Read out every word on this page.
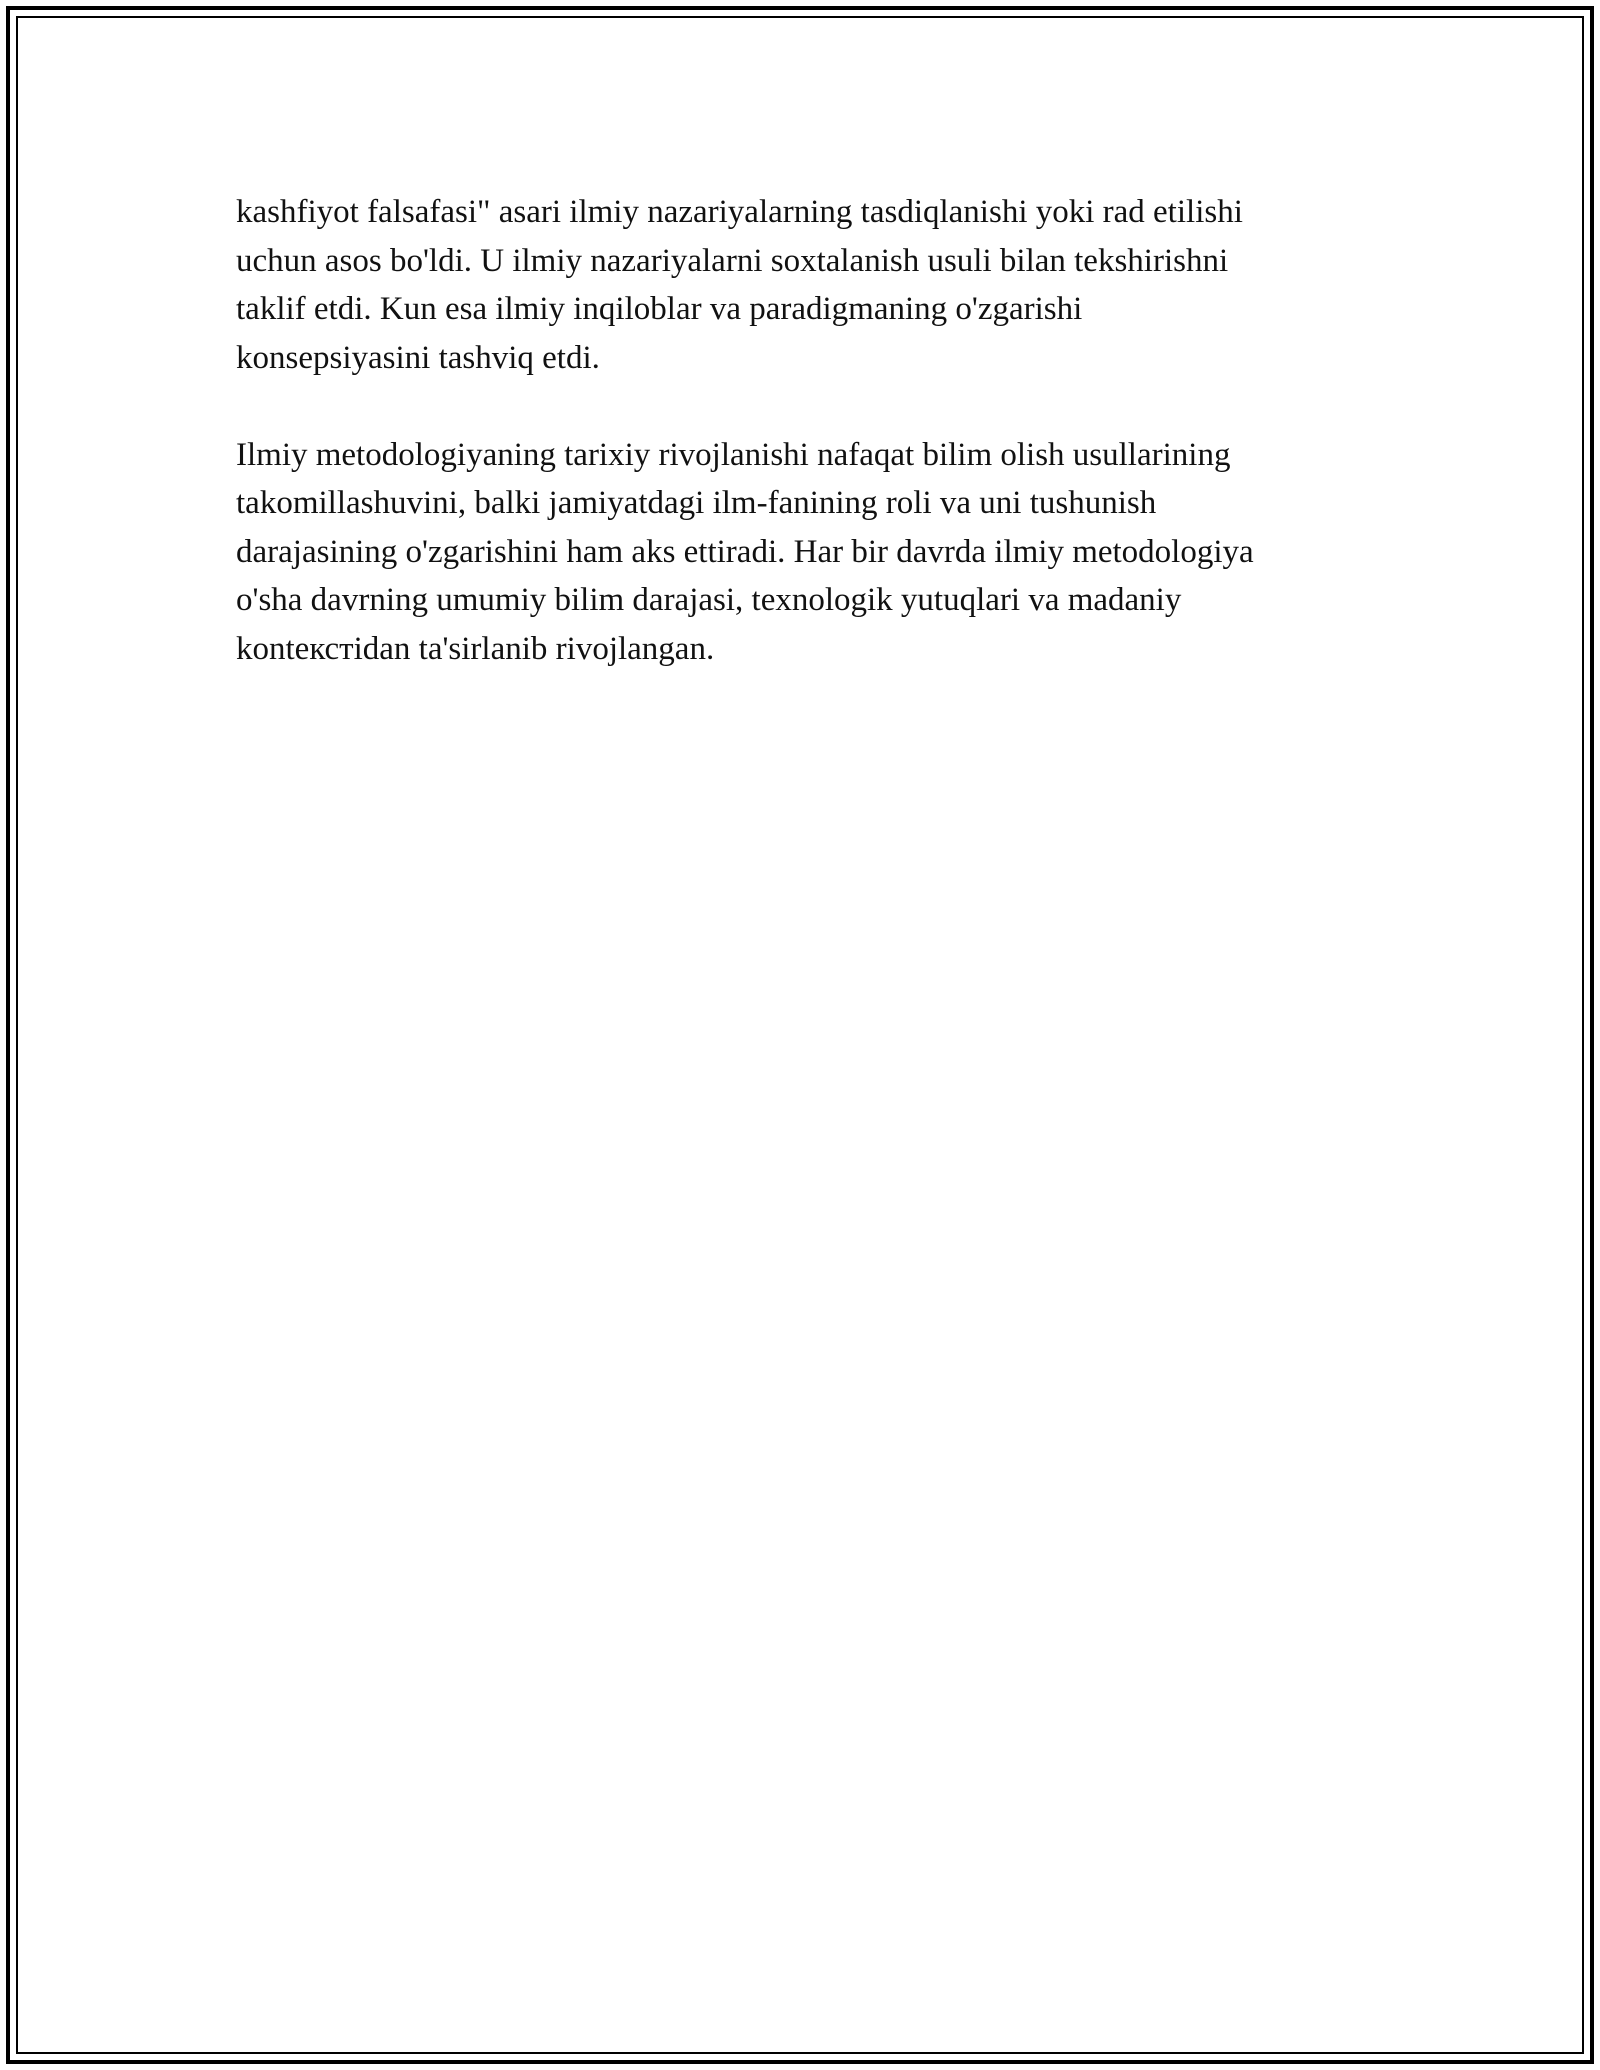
kashfiyot falsafasi" asari ilmiy nazariyalarning tasdiqlanishi yoki rad etilishi
uchun asos bo'ldi. U ilmiy nazariyalarni soxtalanish usuli bilan tekshirishni
taklif etdi. Kun esa ilmiy inqiloblar va paradigmaning o'zgarishi
konsepsiyasini tashviq etdi.

Ilmiy metodologiyaning tarixiy rivojlanishi nafaqat bilim olish usullarining
takomillashuvini, balki jamiyatdagi ilm-fanining roli va uni tushunish
darajasining o'zgarishini ham aks ettiradi. Har bir davrda ilmiy metodologiya
o'sha davrning umumiy bilim darajasi, texnologik yutuqlari va madaniy
kontекстidan ta'sirlanib rivojlangan.
